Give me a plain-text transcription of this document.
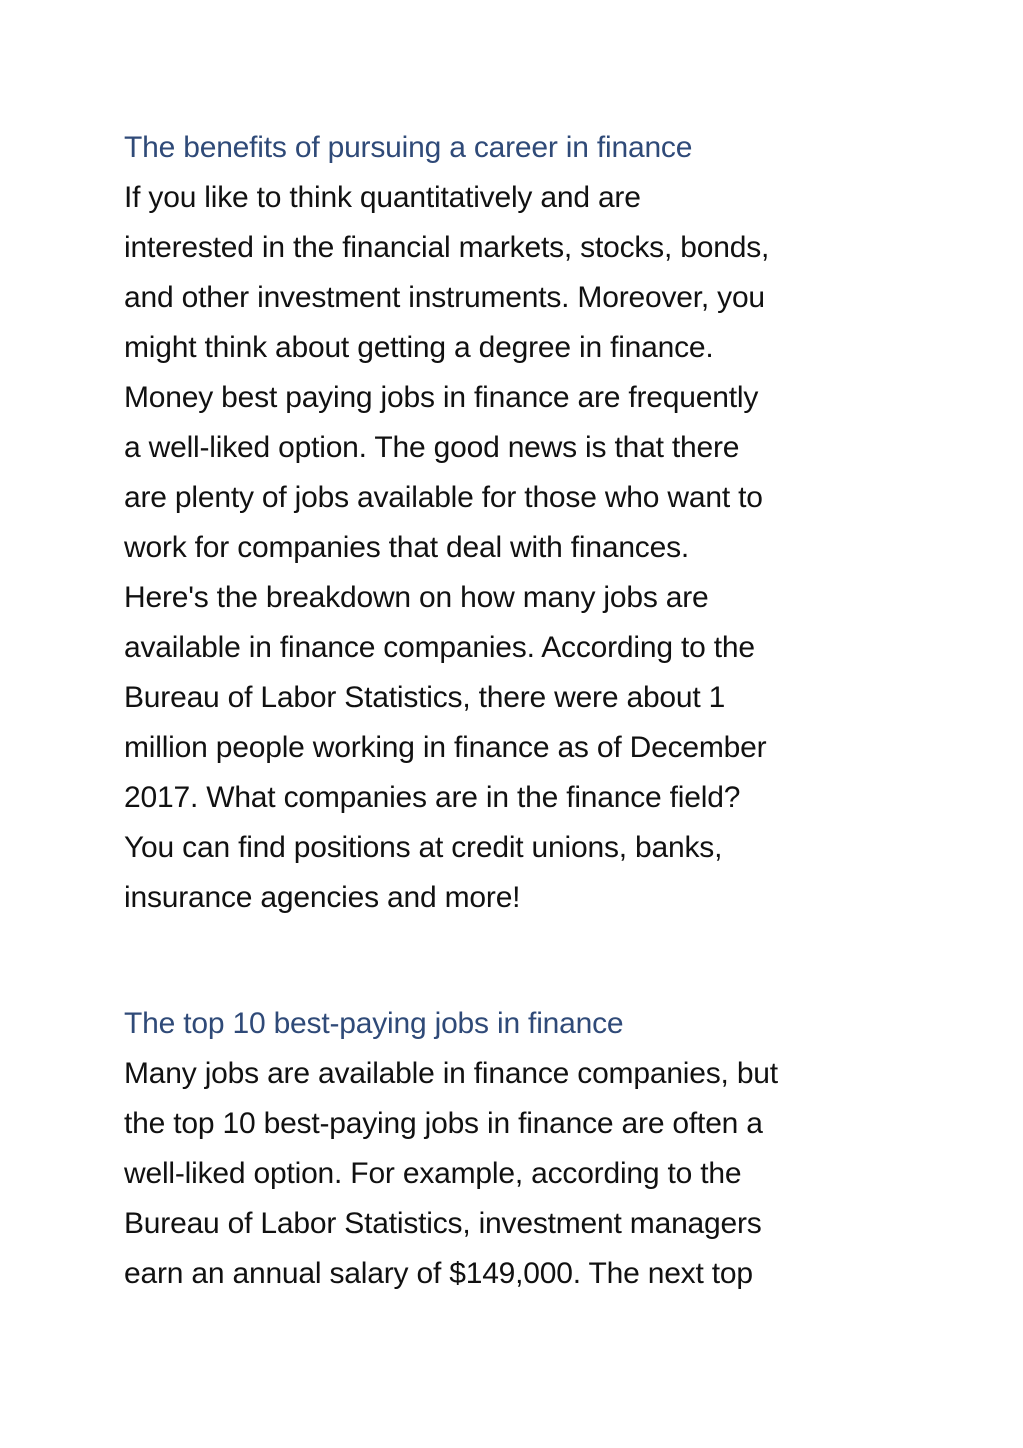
The benefits of pursuing a career in finance
If you like to think quantitatively and are
interested in the financial markets, stocks, bonds,
and other investment instruments. Moreover, you
might think about getting a degree in finance.
Money best paying jobs in finance are frequently
a well-liked option. The good news is that there
are plenty of jobs available for those who want to
work for companies that deal with finances.
Here's the breakdown on how many jobs are
available in finance companies. According to the
Bureau of Labor Statistics, there were about 1
million people working in finance as of December
2017. What companies are in the finance field?
You can find positions at credit unions, banks,
insurance agencies and more!
The top 10 best-paying jobs in finance
Many jobs are available in finance companies, but
the top 10 best-paying jobs in finance are often a
well-liked option. For example, according to the
Bureau of Labor Statistics, investment managers
earn an annual salary of $149,000. The next top
